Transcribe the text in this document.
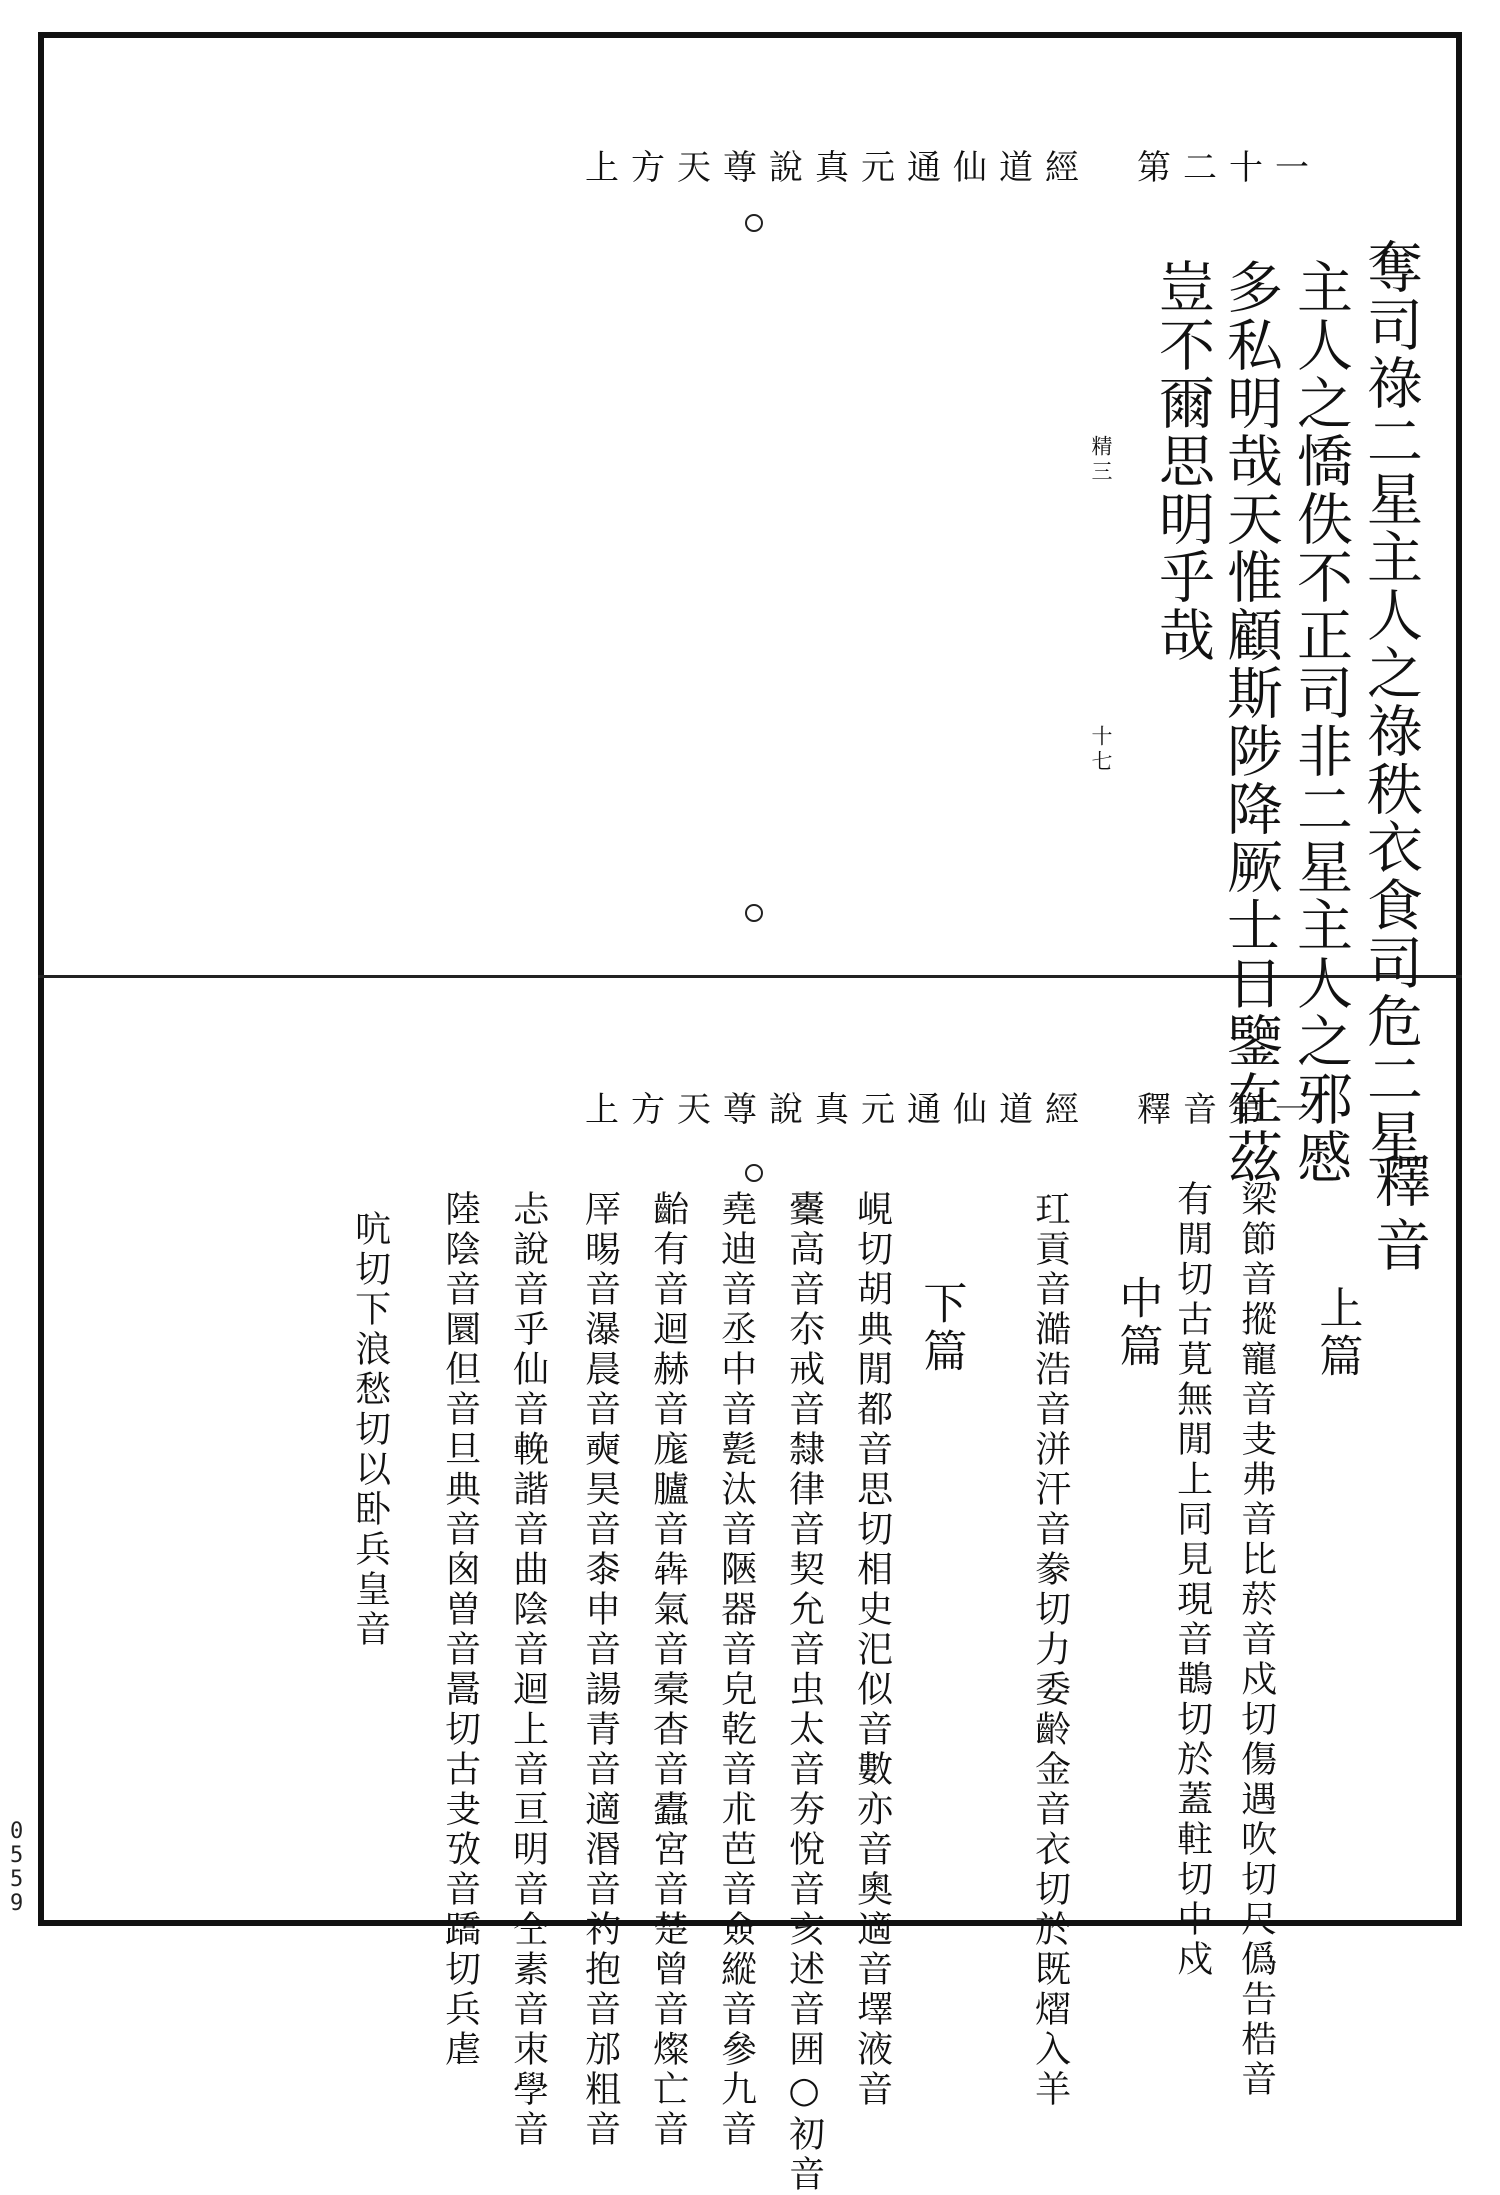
上方天尊說真元通仙道經　第二十一
奪司祿二星主人之祿秩衣食司危二星
主人之憍佚不正司非二星主人之邪慼
多私明哉天惟顧斯陟降厥士日鑒在茲
豈不爾思明乎哉
精三
十七
上方天尊說真元通仙道經　釋音第一
釋音
上篇
中篇
下篇	梁節音摐寵音叏弗音比菸音戍切傷遇吹切尺僞告梏音
有閒切古莧無閒上同見現音鵲切於蓋軴切中戍
玒貢音澔浩音洴汗音豢切力委齡金音衣切於既熠入羊
峴切胡典閒都音思切相史汜似音數亦音奧適音墿液音
櫜高音夵戒音隸律音契允音虫太音夯悅音亥述音囲○初音
堯迪音丞中音甏汰音陿器音皃乾音朮芭音僉縱音參九音
齝有音迴赫音庬臚音犇氣音槖杳音蠹宮音楚曾音燦亡音
厗晹音瀑晨音奭昊音桼申音諹青音適湣音礿抱音邡粗音
忐說音乎仙音輓諧音曲陰音迴上音亘明音仝素音朿學音
陸陰音圜但音旦典音囪曽音暠切古叏攷音蹻切兵虐
吭切下浪愁切以卧兵皇音
0
5
5
9
